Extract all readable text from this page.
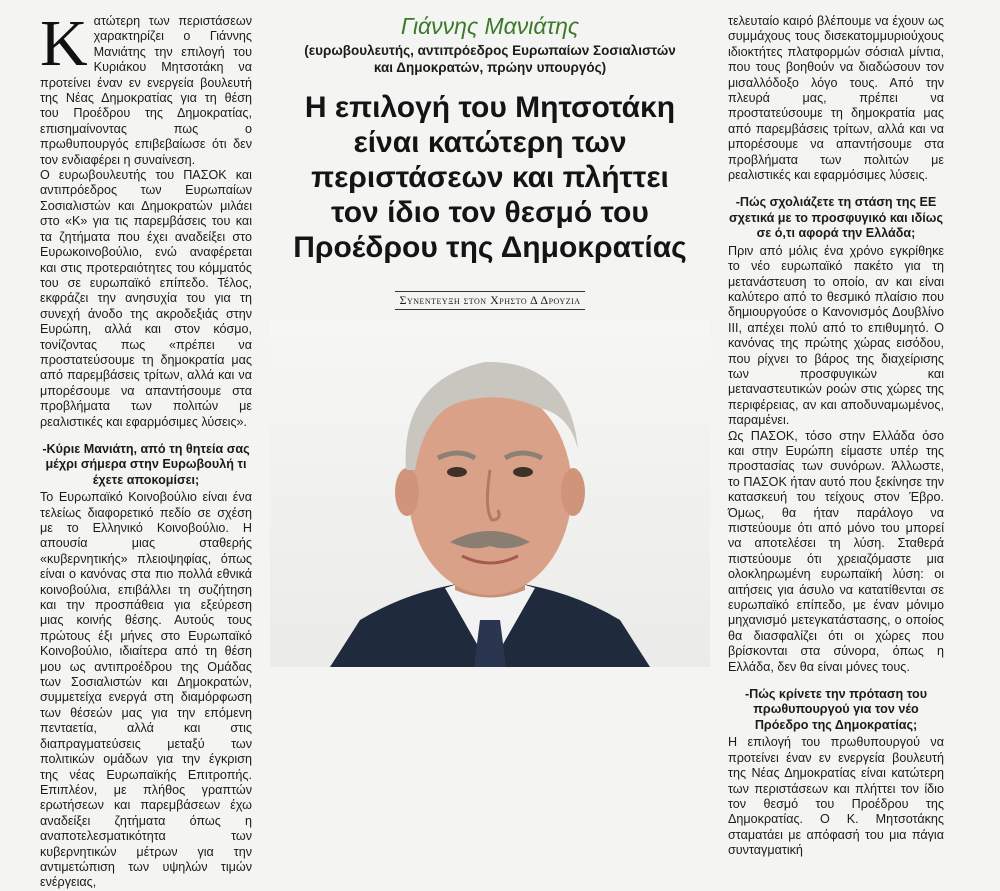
Κ ατώτερη των περιστάσεων χαρακτηρίζει ο Γιάννης Μανιάτης την επιλογή του Κυριάκου Μητσοτάκη να προτείνει έναν εν ενεργεία βουλευτή της Νέας Δημοκρατίας για τη θέση του Προέδρου της Δημοκρατίας, επισημαίνοντας πως ο πρωθυπουργός επιβεβαίωσε ότι δεν τον ενδιαφέρει η συναίνεση.

Ο ευρωβουλευτής του ΠΑΣΟΚ και αντιπρόεδρος των Ευρωπαίων Σοσιαλιστών και Δημοκρατών μιλάει στο «Κ» για τις παρεμβάσεις του και τα ζητήματα που έχει αναδείξει στο Ευρωκοινοβούλιο, ενώ αναφέρεται και στις προτεραιότητες του κόμματός του σε ευρωπαϊκό επίπεδο. Τέλος, εκφράζει την ανησυχία του για τη συνεχή άνοδο της ακροδεξιάς στην Ευρώπη, αλλά και στον κόσμο, τονίζοντας πως «πρέπει να προστατεύσουμε τη δημοκρατία μας από παρεμβάσεις τρίτων, αλλά και να μπορέσουμε να απαντήσουμε στα προβλήματα των πολιτών με ρεαλιστικές και εφαρμόσιμες λύσεις».

-Κύριε Μανιάτη, από τη θητεία σας μέχρι σήμερα στην Ευρωβουλή τι έχετε αποκομίσει;

Το Ευρωπαϊκό Κοινοβούλιο είναι ένα τελείως διαφορετικό πεδίο σε σχέση με το Ελληνικό Κοινοβούλιο. Η απουσία μιας σταθερής «κυβερνητικής» πλειοψηφίας, όπως είναι ο κανόνας στα πιο πολλά εθνικά κοινοβούλια, επιβάλλει τη συζήτηση και την προσπάθεια για εξεύρεση μιας κοινής θέσης. Αυτούς τους πρώτους έξι μήνες στο Ευρωπαϊκό Κοινοβούλιο, ιδιαίτερα από τη θέση μου ως αντιπροέδρου της Ομάδας των Σοσιαλιστών και Δημοκρατών, συμμετείχα ενεργά στη διαμόρφωση των θέσεών μας για την επόμενη πενταετία, αλλά και στις διαπραγματεύσεις μεταξύ των πολιτικών ομάδων για την έγκριση της νέας Ευρωπαϊκής Επιτροπής. Επιπλέον, με πλήθος γραπτών ερωτήσεων και παρεμβάσεων έχω αναδείξει ζητήματα όπως η αναποτελεσματικότητα των κυβερνητικών μέτρων για την αντιμετώπιση των υψηλών τιμών ενέργειας,

Γιάννης Μανιάτης
(ευρωβουλευτής, αντιπρόεδρος Ευρωπαίων Σοσιαλιστών
και Δημοκρατών, πρώην υπουργός)
Η επιλογή του Μητσοτάκη
είναι κατώτερη των
περιστάσεων και πλήττει
τον ίδιο τον θεσμό του
Προέδρου της Δημοκρατίας
Συνεντευξη στον Χρηστο Δ Δρουζια

τελευταίο καιρό βλέπουμε να έχουν ως συμμάχους τους δισεκατομμυριούχους ιδιοκτήτες πλατφορμών σόσιαλ μίντια, που τους βοηθούν να διαδώσουν τον μισαλλόδοξο λόγο τους. Από την πλευρά μας, πρέπει να προστατεύσουμε τη δημοκρατία μας από παρεμβάσεις τρίτων, αλλά και να μπορέσουμε να απαντήσουμε στα προβλήματα των πολιτών με ρεαλιστικές και εφαρμόσιμες λύσεις.

-Πώς σχολιάζετε τη στάση της ΕΕ σχετικά με το προσφυγικό και ιδίως σε ό,τι αφορά την Ελλάδα;

Πριν από μόλις ένα χρόνο εγκρίθηκε το νέο ευρωπαϊκό πακέτο για τη μετανάστευση το οποίο, αν και είναι καλύτερο από το θεσμικό πλαίσιο που δημιουργούσε ο Κανονισμός Δουβλίνο ΙΙΙ, απέχει πολύ από το επιθυμητό. Ο κανόνας της πρώτης χώρας εισόδου, που ρίχνει το βάρος της διαχείρισης των προσφυγικών και μεταναστευτικών ροών στις χώρες της περιφέρειας, αν και αποδυναμωμένος, παραμένει.

Ως ΠΑΣΟΚ, τόσο στην Ελλάδα όσο και στην Ευρώπη είμαστε υπέρ της προστασίας των συνόρων. Άλλωστε, το ΠΑΣΟΚ ήταν αυτό που ξεκίνησε την κατασκευή του τείχους στον Έβρο. Όμως, θα ήταν παράλογο να πιστεύουμε ότι από μόνο του μπορεί να αποτελέσει τη λύση. Σταθερά πιστεύουμε ότι χρειαζόμαστε μια ολοκληρωμένη ευρωπαϊκή λύση: οι αιτήσεις για άσυλο να κατατίθενται σε ευρωπαϊκό επίπεδο, με έναν μόνιμο μηχανισμό μετεγκατάστασης, ο οποίος θα διασφαλίζει ότι οι χώρες που βρίσκονται στα σύνορα, όπως η Ελλάδα, δεν θα είναι μόνες τους.

-Πώς κρίνετε την πρόταση του πρωθυπουργού για τον νέο Πρόεδρο της Δημοκρατίας;

Η επιλογή του πρωθυπουργού να προτείνει έναν εν ενεργεία βουλευτή της Νέας Δημοκρατίας είναι κατώτερη των περιστάσεων και πλήττει τον ίδιο τον θεσμό του Προέδρου της Δημοκρατίας. Ο Κ. Μητσοτάκης σταματάει με απόφασή του μια πάγια συνταγματική
